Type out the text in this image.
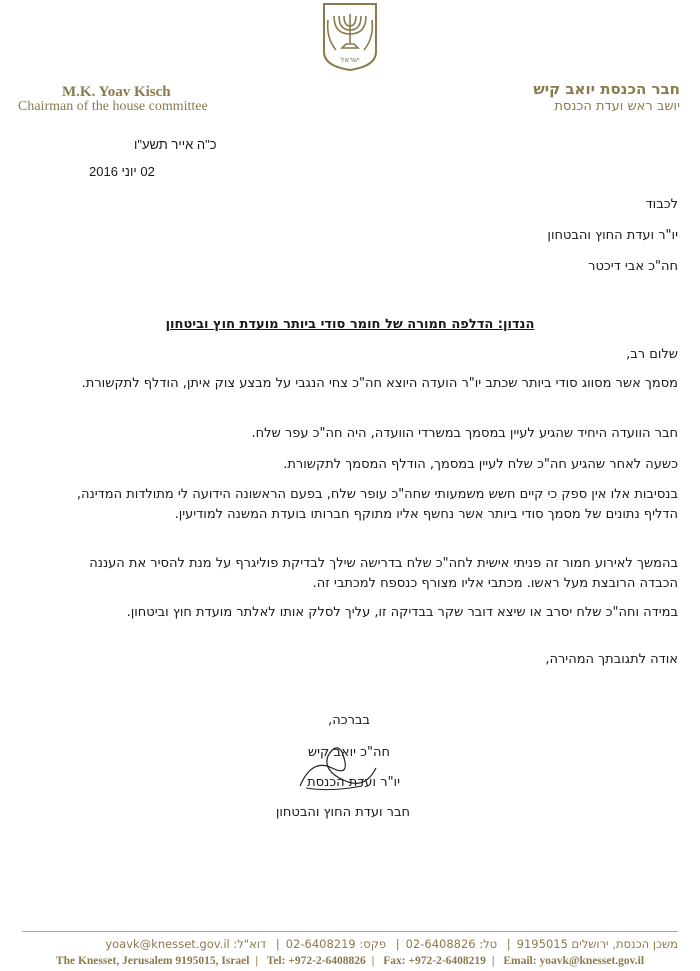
ישראל
M.K. Yoav Kisch
Chairman of the house committee
חבר הכנסת יואב קיש
יושב ראש ועדת הכנסת
כ"ה אייר תשע"ו
02 יוני 2016
לכבוד
יו"ר ועדת החוץ והבטחון
חה"כ אבי דיכטר
הנדון: הדלפה חמורה של חומר סודי ביותר מועדת חוץ וביטחון
שלום רב,
מסמך אשר מסווג סודי ביותר שכתב יו"ר הועדה היוצא חה"כ צחי הנגבי על מבצע צוק איתן, הודלף לתקשורת.
חבר הוועדה היחיד שהגיע לעיין במסמך במשרדי הוועדה, היה חה"כ עפר שלח.
כשעה לאחר שהגיע חה"כ שלח לעיין במסמך, הודלף המסמך לתקשורת.
בנסיבות אלו אין ספק כי קיים חשש משמעותי שחה"כ עופר שלח, בפעם הראשונה הידועה לי מתולדות המדינה, הדליף נתונים של מסמך סודי ביותר אשר נחשף אליו מתוקף חברותו בועדת המשנה למודיעין.
בהמשך לאירוע חמור זה פניתי אישית לחה"כ שלח בדרישה שילך לבדיקת פוליגרף על מנת להסיר את העננה הכבדה הרובצת מעל ראשו. מכתבי אליו מצורף כנספח למכתבי זה.
במידה וחה"כ שלח יסרב או שיצא דובר שקר בבדיקה זו, עליך לסלק אותו לאלתר מועדת חוץ וביטחון.
אודה לתגובתך המהירה,
בברכה,
חה"כ יואב קיש
יו"ר ועדת הכנסת
חבר ועדת החוץ והבטחון
משכן הכנסת, ירושלים 9195015| טל: 02-6408826| פקס: 02-6408219| דוא"ל: yoavk@knesset.gov.il
The Knesset, Jerusalem 9195015, Israel | Tel: +972-2-6408826 | Fax: +972-2-6408219 | Email: yoavk@knesset.gov.il
